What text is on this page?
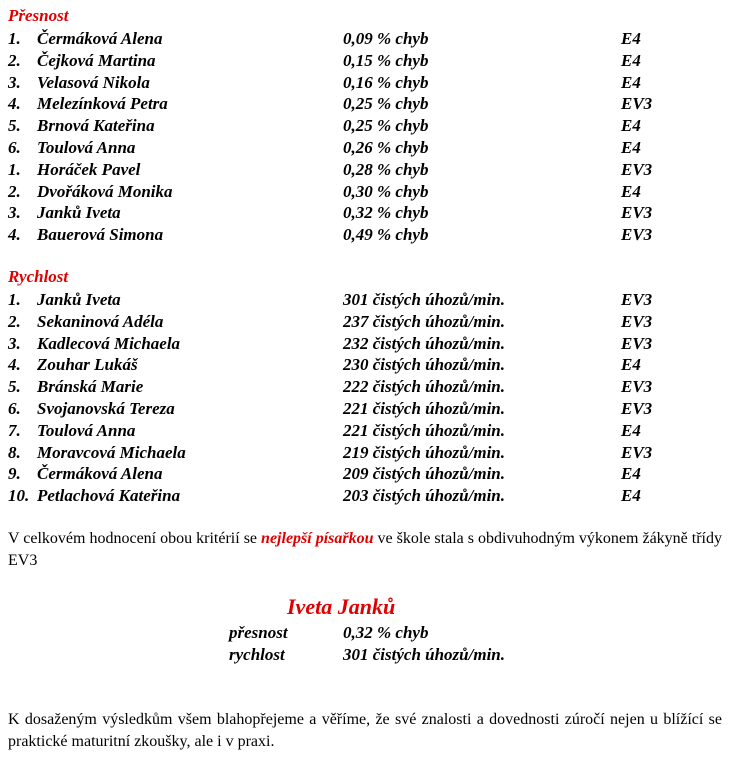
Přesnost
1. Čermáková Alena	0,09 % chyb	E4
2. Čejková Martina	0,15 % chyb	E4
3. Velasová Nikola	0,16 % chyb	E4
4. Melezínková Petra	0,25 % chyb	EV3
5. Brnová Kateřina	0,25 % chyb	E4
6. Toulová Anna	0,26 % chyb	E4
1. Horáček Pavel	0,28 % chyb	EV3
2. Dvořáková Monika	0,30 % chyb	E4
3. Janků Iveta	0,32 % chyb	EV3
4. Bauerová Simona	0,49 % chyb	EV3
Rychlost
1. Janků Iveta	301 čistých úhozů/min.	EV3
2. Sekaninová Adéla	237 čistých úhozů/min.	EV3
3. Kadlecová Michaela	232 čistých úhozů/min.	EV3
4. Zouhar Lukáš	230 čistých úhozů/min.	E4
5. Bránská Marie	222 čistých úhozů/min.	EV3
6. Svojanovská Tereza	221 čistých úhozů/min.	EV3
7. Toulová Anna	221 čistých úhozů/min.	E4
8. Moravcová Michaela	219 čistých úhozů/min.	EV3
9. Čermáková Alena	209 čistých úhozů/min.	E4
10. Petlachová Kateřina	203 čistých úhozů/min.	E4
V celkovém hodnocení obou kritérií se nejlepší písařkou ve škole stala s obdivuhodným výkonem žákyně třídy EV3
Iveta Janků
přesnost	0,32 % chyb
rychlost	301 čistých úhozů/min.
K dosaženým výsledkům všem blahopřejeme a věříme, že své znalosti a dovednosti zúročí nejen u blížící se praktické maturitní zkoušky, ale i v praxi.
